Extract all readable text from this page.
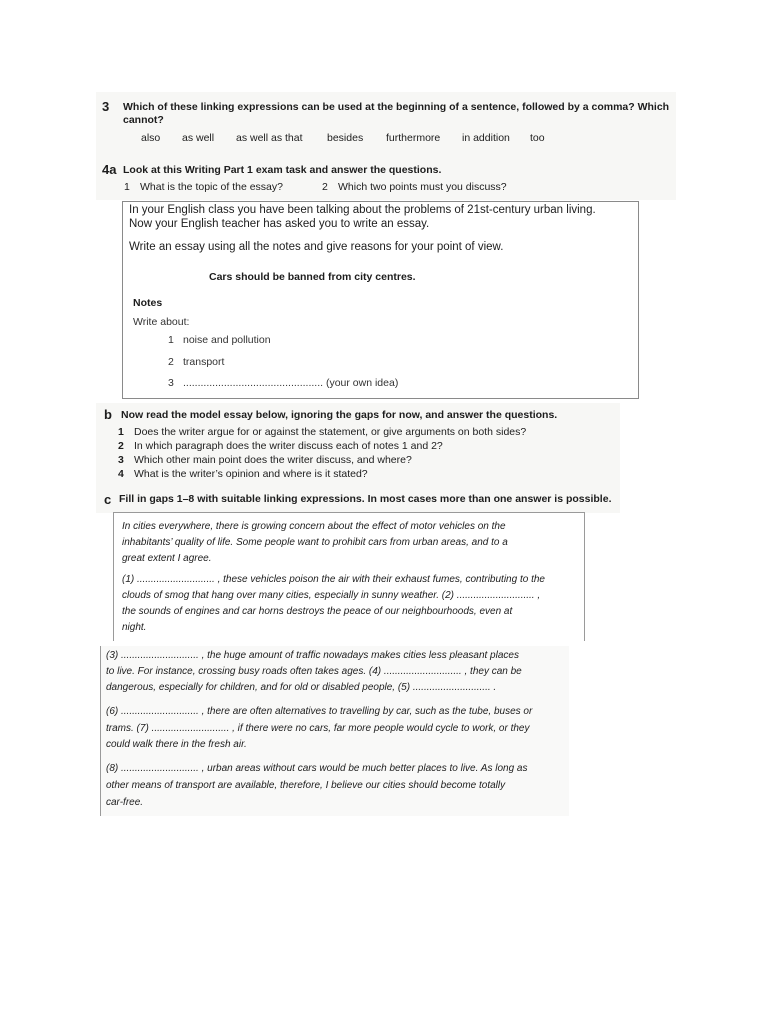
3 Which of these linking expressions can be used at the beginning of a sentence, followed by a comma? Which
cannot?
also as well as well as that besides furthermore in addition too
4a Look at this Writing Part 1 exam task and answer the questions.
1 What is the topic of the essay?	2 Which two points must you discuss?
In your English class you have been talking about the problems of 21st-century urban living.
Now your English teacher has asked you to write an essay.
Write an essay using all the notes and give reasons for your point of view.
Cars should be banned from city centres.
Notes
Write about:
1 noise and pollution
2 transport
3 ................................................ (your own idea)
b Now read the model essay below, ignoring the gaps for now, and answer the questions.
1 Does the writer argue for or against the statement, or give arguments on both sides?
2 In which paragraph does the writer discuss each of notes 1 and 2?
3 Which other main point does the writer discuss, and where?
4 What is the writer’s opinion and where is it stated?
c Fill in gaps 1–8 with suitable linking expressions. In most cases more than one answer is possible.
In cities everywhere, there is growing concern about the effect of motor vehicles on the
inhabitants’ quality of life. Some people want to prohibit cars from urban areas, and to a
great extent I agree.
(1) ............................ , these vehicles poison the air with their exhaust fumes, contributing to the
clouds of smog that hang over many cities, especially in sunny weather. (2) ............................ ,
the sounds of engines and car horns destroys the peace of our neighbourhoods, even at
night.
(3) ............................ , the huge amount of traffic nowadays makes cities less pleasant places
to live. For instance, crossing busy roads often takes ages. (4) ............................ , they can be
dangerous, especially for children, and for old or disabled people, (5) ............................ .
(6) ............................ , there are often alternatives to travelling by car, such as the tube, buses or
trams. (7) ............................ , if there were no cars, far more people would cycle to work, or they
could walk there in the fresh air.
(8) ............................ , urban areas without cars would be much better places to live. As long as
other means of transport are available, therefore, I believe our cities should become totally
car-free.
